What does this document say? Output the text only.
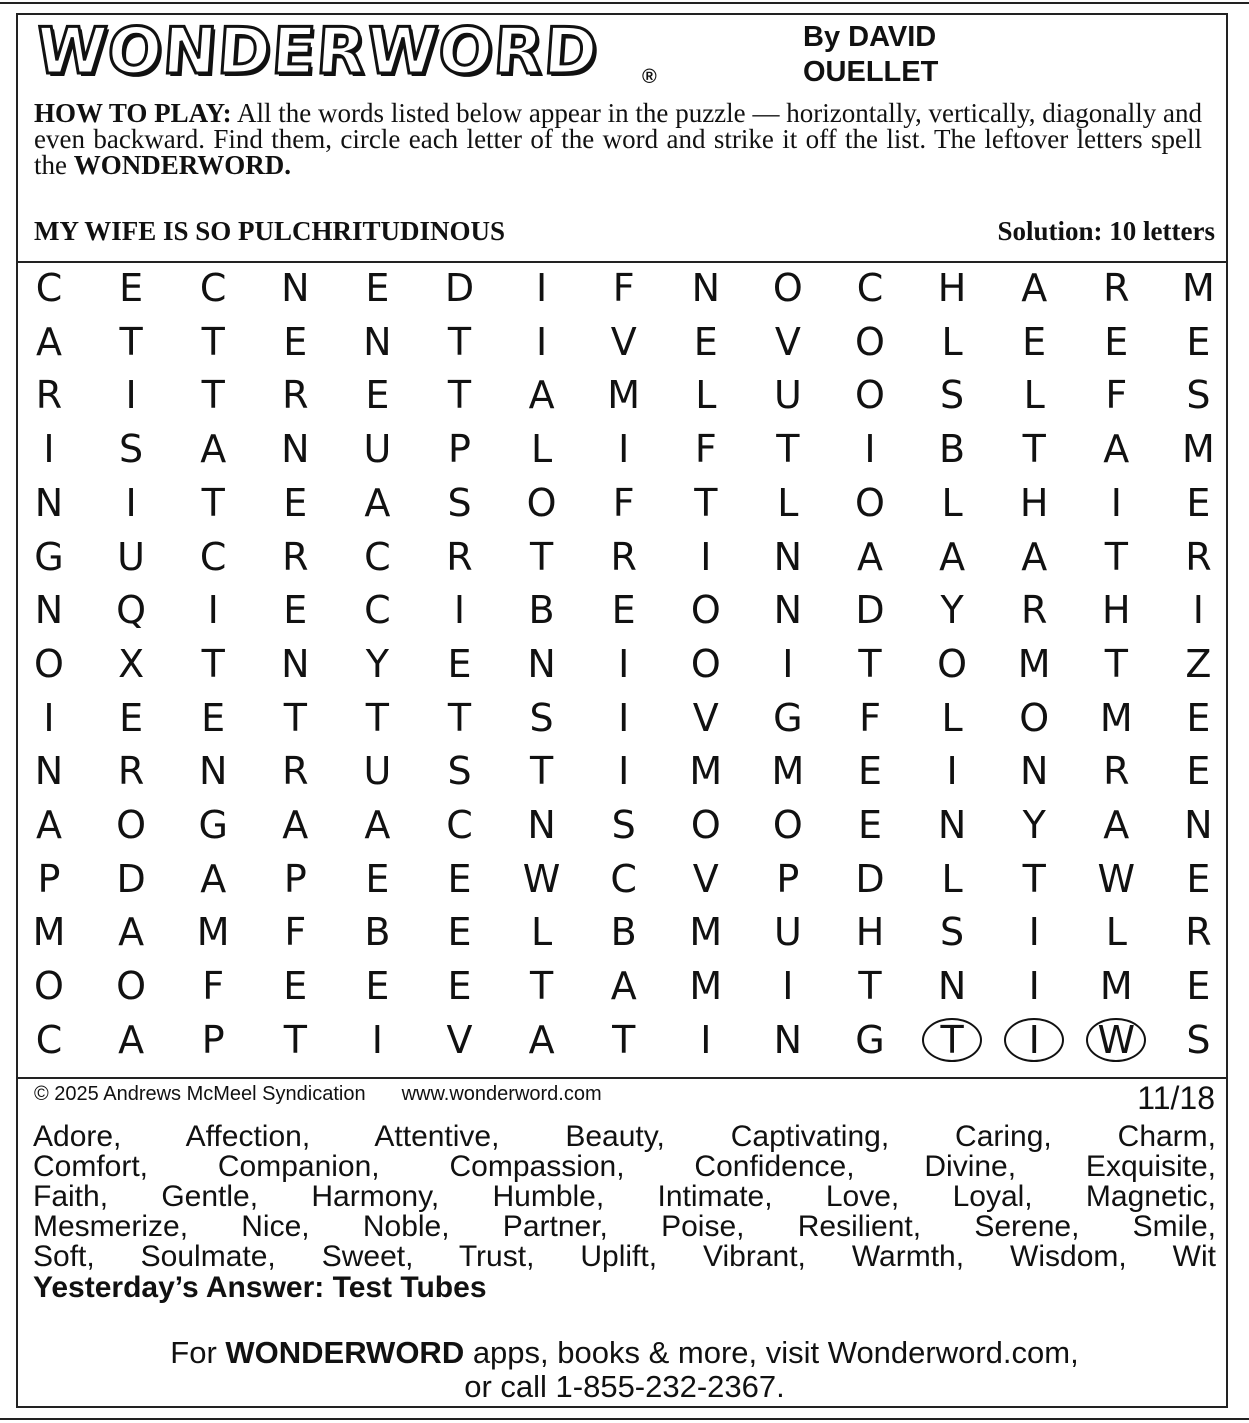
WONDERWORD ®
By DAVID
OUELLET
HOW TO PLAY: All the words listed below appear in the puzzle — horizontally, vertically, diagonally and even backward. Find them, circle each letter of the word and strike it off the list. The leftover letters spell the WONDERWORD.
MY WIFE IS SO PULCHRITUDINOUS	Solution: 10 letters
C	E	C	N	E	D	I	F	N	O	C	H	A	R	M
A	T	T	E	N	T	I	V	E	V	O	L	E	E	E
R	I	T	R	E	T	A	M	L	U	O	S	L	F	S
I	S	A	N	U	P	L	I	F	T	I	B	T	A	M
N	I	T	E	A	S	O	F	T	L	O	L	H	I	E
G	U	C	R	C	R	T	R	I	N	A	A	A	T	R
N	Q	I	E	C	I	B	E	O	N	D	Y	R	H	I
O	X	T	N	Y	E	N	I	O	I	T	O	M	T	Z
I	E	E	T	T	T	S	I	V	G	F	L	O	M	E
N	R	N	R	U	S	T	I	M	M	E	I	N	R	E
A	O	G	A	A	C	N	S	O	O	E	N	Y	A	N
P	D	A	P	E	E	W	C	V	P	D	L	T	W	E
M	A	M	F	B	E	L	B	M	U	H	S	I	L	R
O	O	F	E	E	E	T	A	M	I	T	N	I	M	E
C	A	P	T	I	V	A	T	I	N	G	T	I	W	S
© 2025 Andrews McMeel Syndication www.wonderword.com	11/18
Adore, Affection, Attentive, Beauty, Captivating, Caring, Charm,
Comfort, Companion, Compassion, Confidence, Divine, Exquisite,
Faith, Gentle, Harmony, Humble, Intimate, Love, Loyal, Magnetic,
Mesmerize, Nice, Noble, Partner, Poise, Resilient, Serene, Smile,
Soft, Soulmate, Sweet, Trust, Uplift, Vibrant, Warmth, Wisdom, Wit
Yesterday’s Answer: Test Tubes
For WONDERWORD apps, books & more, visit Wonderword.com,
or call 1-855-232-2367.
